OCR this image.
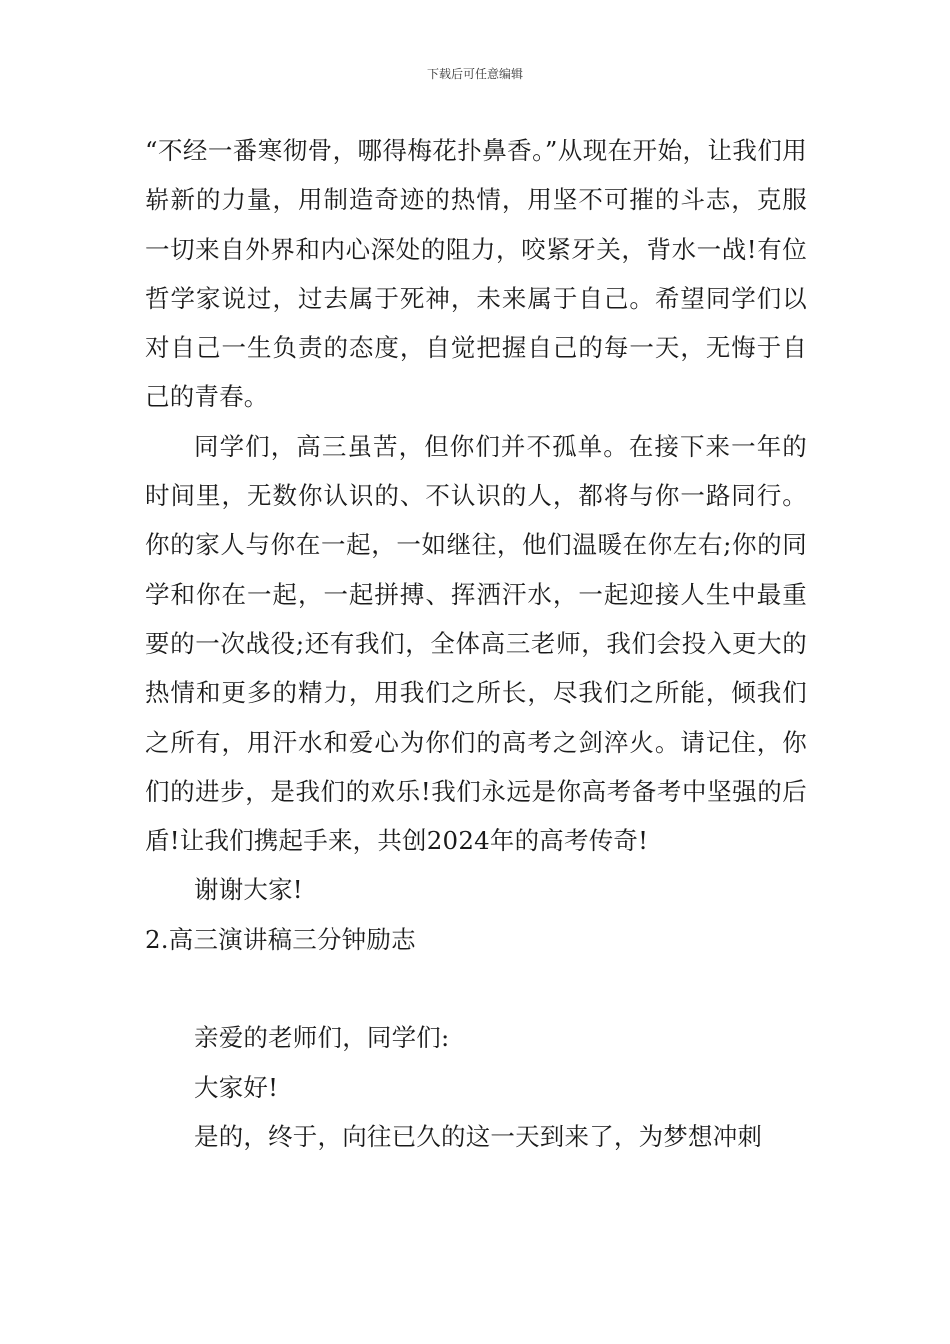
下载后可任意编辑

“不经一番寒彻骨，哪得梅花扑鼻香。”从现在开始，让我们用崭新的力量，用制造奇迹的热情，用坚不可摧的斗志，克服一切来自外界和内心深处的阻力，咬紧牙关，背水一战!有位哲学家说过，过去属于死神，未来属于自己。希望同学们以对自己一生负责的态度，自觉把握自己的每一天，无悔于自己的青春。

同学们，高三虽苦，但你们并不孤单。在接下来一年的时间里，无数你认识的、不认识的人，都将与你一路同行。你的家人与你在一起，一如继往，他们温暖在你左右;你的同学和你在一起，一起拼搏、挥洒汗水，一起迎接人生中最重要的一次战役;还有我们，全体高三老师，我们会投入更大的热情和更多的精力，用我们之所长，尽我们之所能，倾我们之所有，用汗水和爱心为你们的高考之剑淬火。请记住，你们的进步，是我们的欢乐!我们永远是你高考备考中坚强的后盾!让我们携起手来，共创2024年的高考传奇!

谢谢大家!

2.高三演讲稿三分钟励志

亲爱的老师们，同学们:

大家好!

是的，终于，向往已久的这一天到来了，为梦想冲刺
